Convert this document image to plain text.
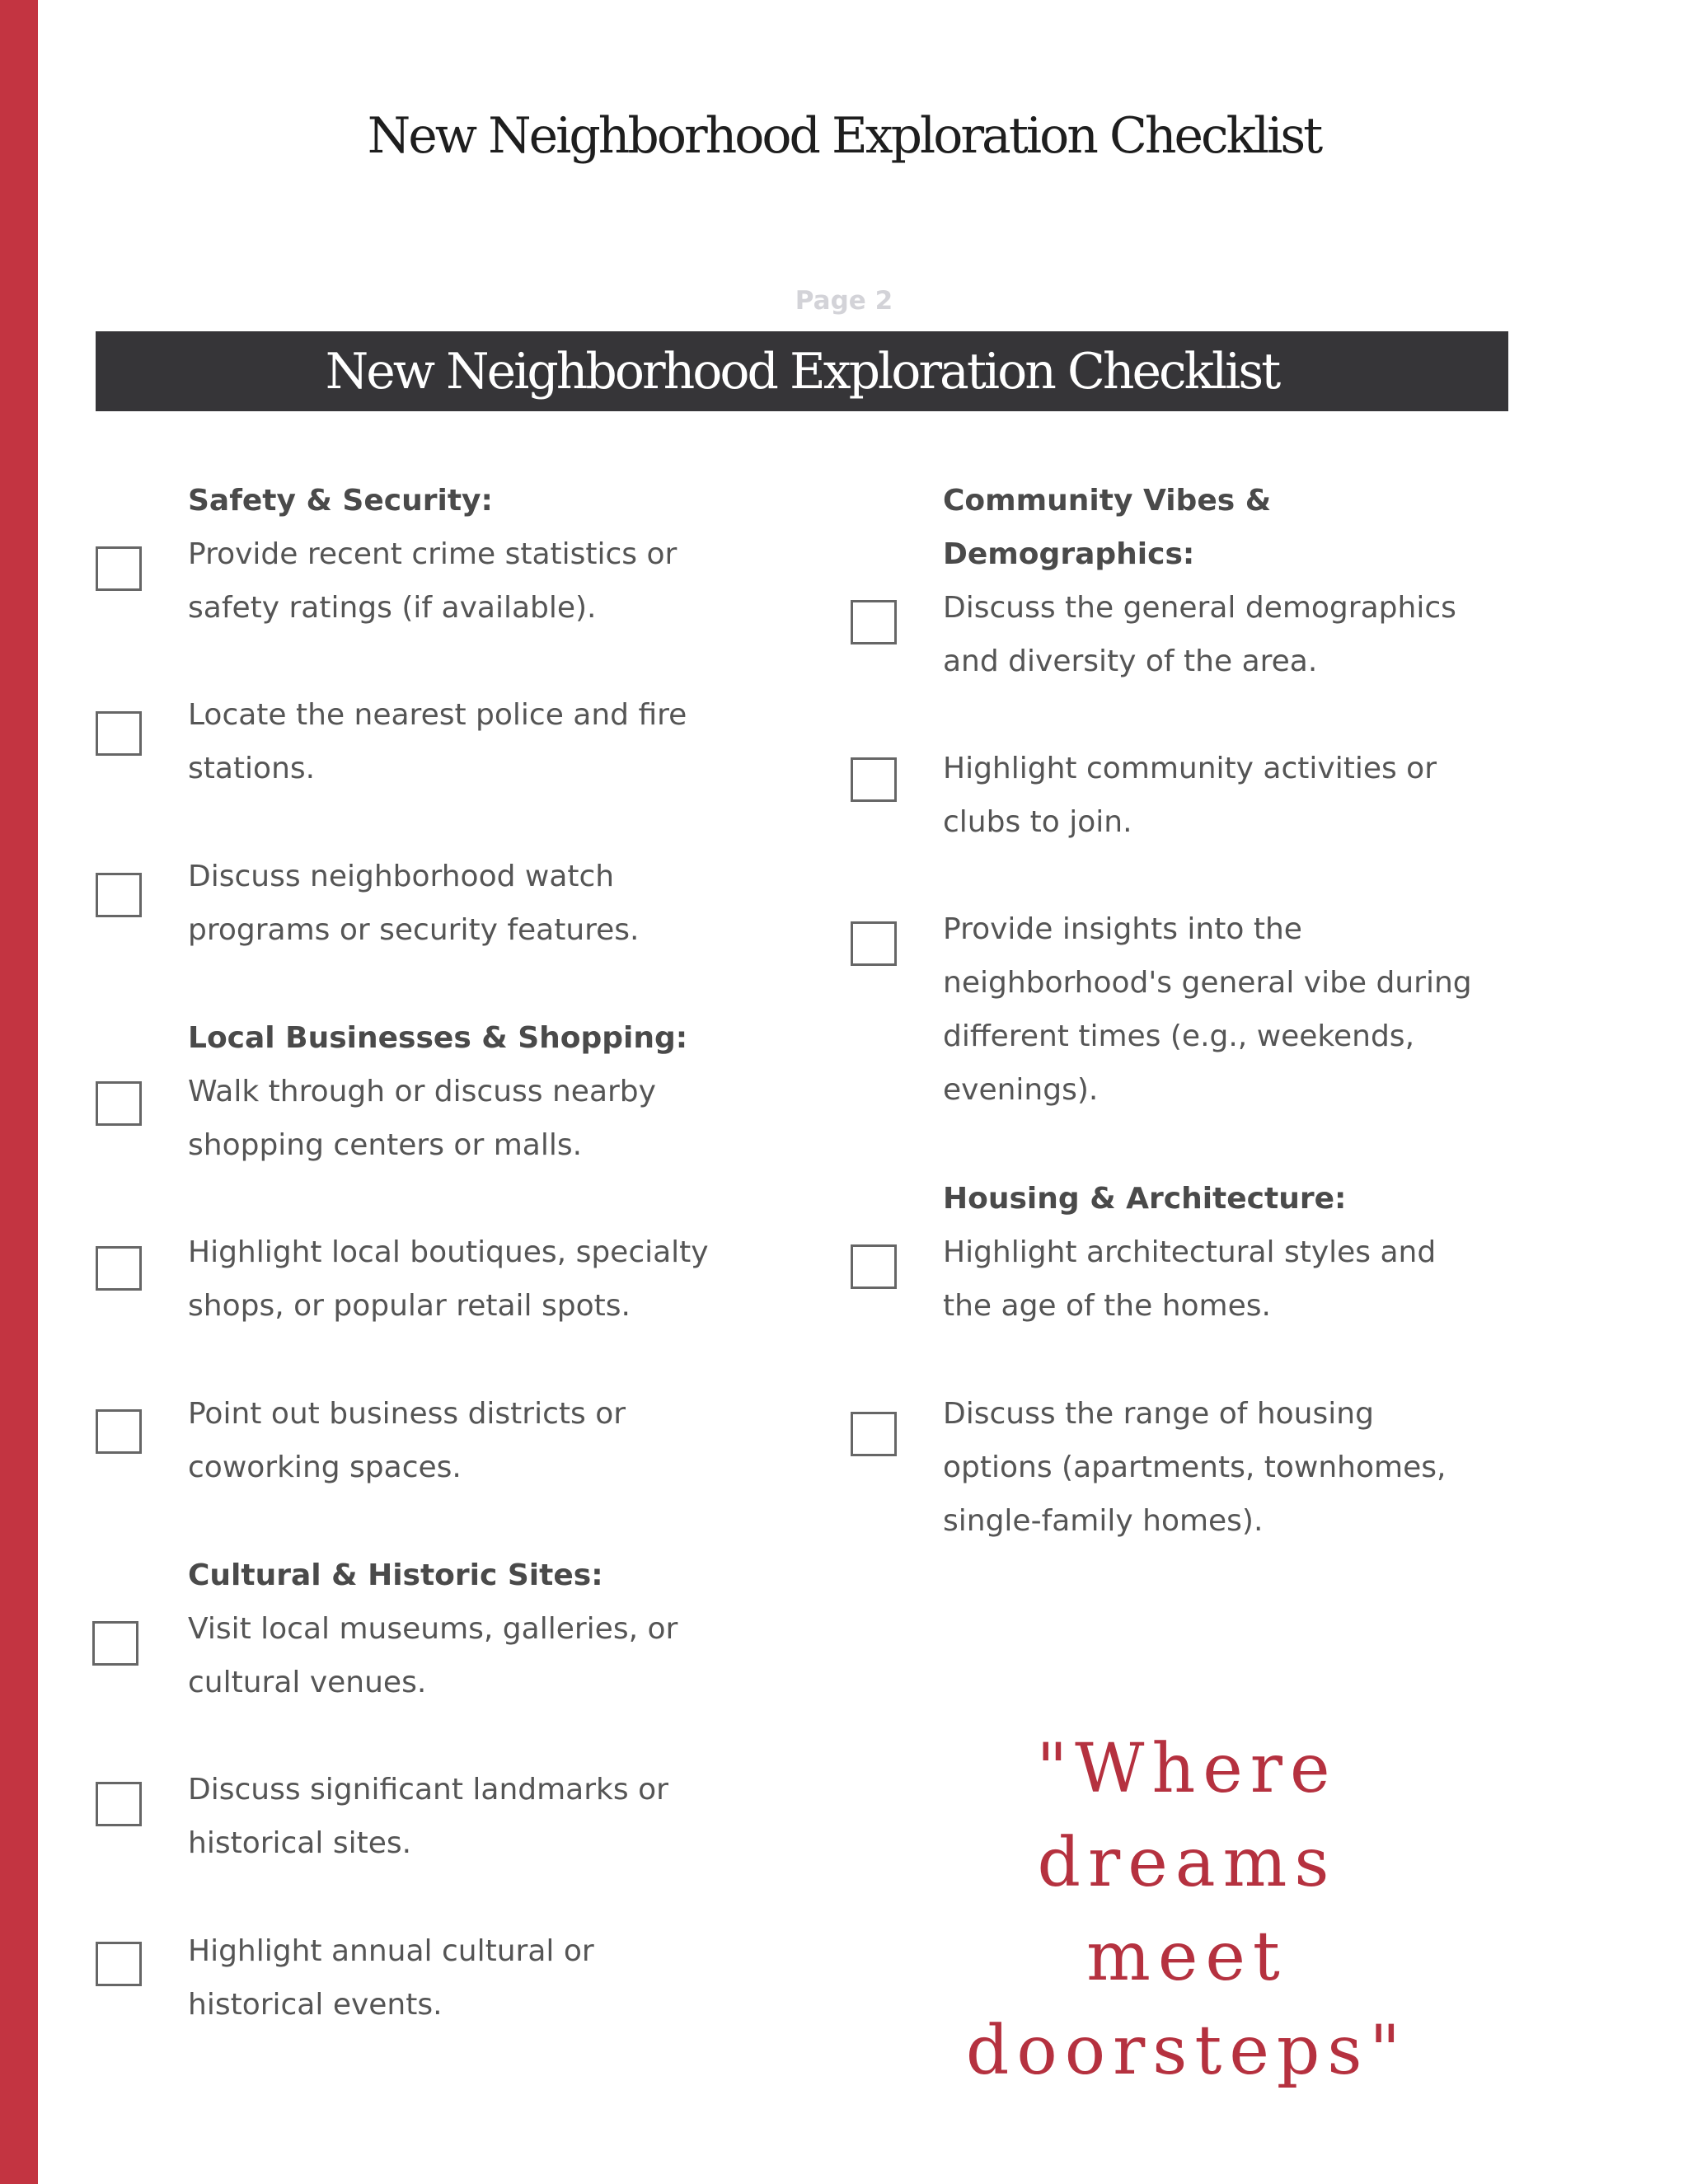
New Neighborhood Exploration Checklist
Page 2
New Neighborhood Exploration Checklist
Safety & Security:
Provide recent crime statistics or
safety ratings (if available).
Locate the nearest police and fire
stations.
Discuss neighborhood watch
programs or security features.
Local Businesses & Shopping:
Walk through or discuss nearby
shopping centers or malls.
Highlight local boutiques, specialty
shops, or popular retail spots.
Point out business districts or
coworking spaces.
Cultural & Historic Sites:
Visit local museums, galleries, or
cultural venues.
Discuss significant landmarks or
historical sites.
Highlight annual cultural or
historical events.
Community Vibes &
Demographics:
Discuss the general demographics
and diversity of the area.
Highlight community activities or
clubs to join.
Provide insights into the
neighborhood's general vibe during
different times (e.g., weekends,
evenings).
Housing & Architecture:
Highlight architectural styles and
the age of the homes.
Discuss the range of housing
options (apartments, townhomes,
single-family homes).
"Where dreams
meet doorsteps"
